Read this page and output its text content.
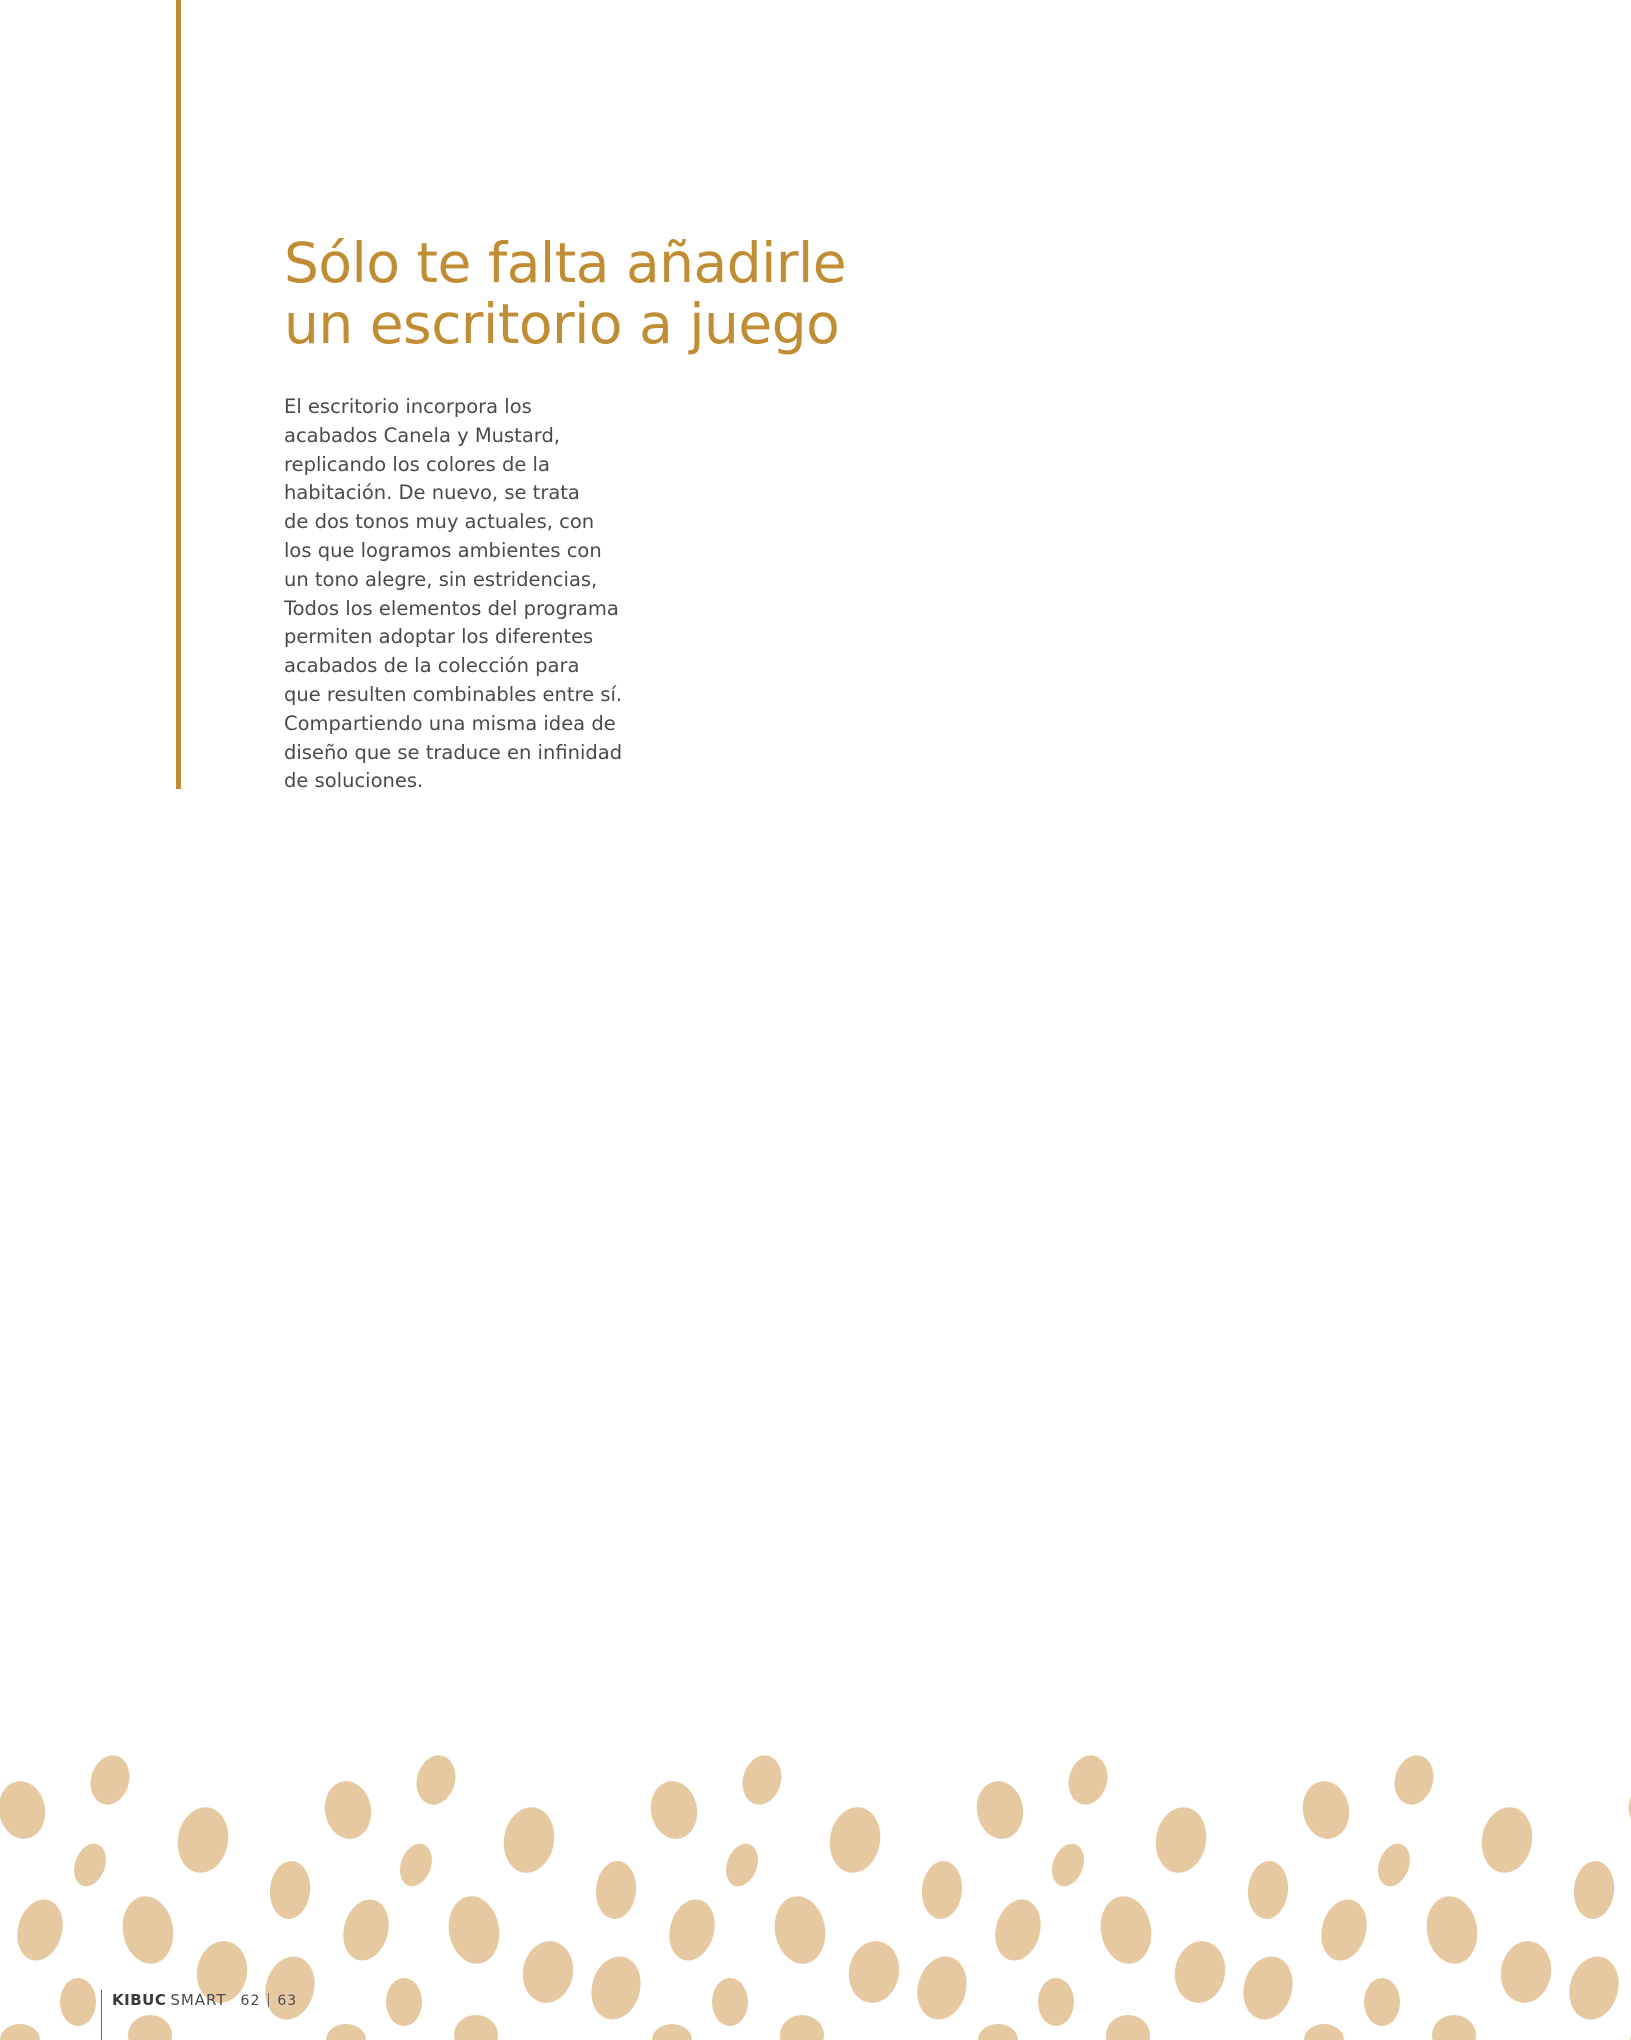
Sólo te falta añadirle
un escritorio a juego
El escritorio incorpora los
acabados Canela y Mustard,
replicando los colores de la
habitación. De nuevo, se trata
de dos tonos muy actuales, con
los que logramos ambientes con
un tono alegre, sin estridencias,
Todos los elementos del programa
permiten adoptar los diferentes
acabados de la colección para
que resulten combinables entre sí.
Compartiendo una misma idea de
diseño que se traduce en infinidad
de soluciones.
KIBUC SMART 62 63
